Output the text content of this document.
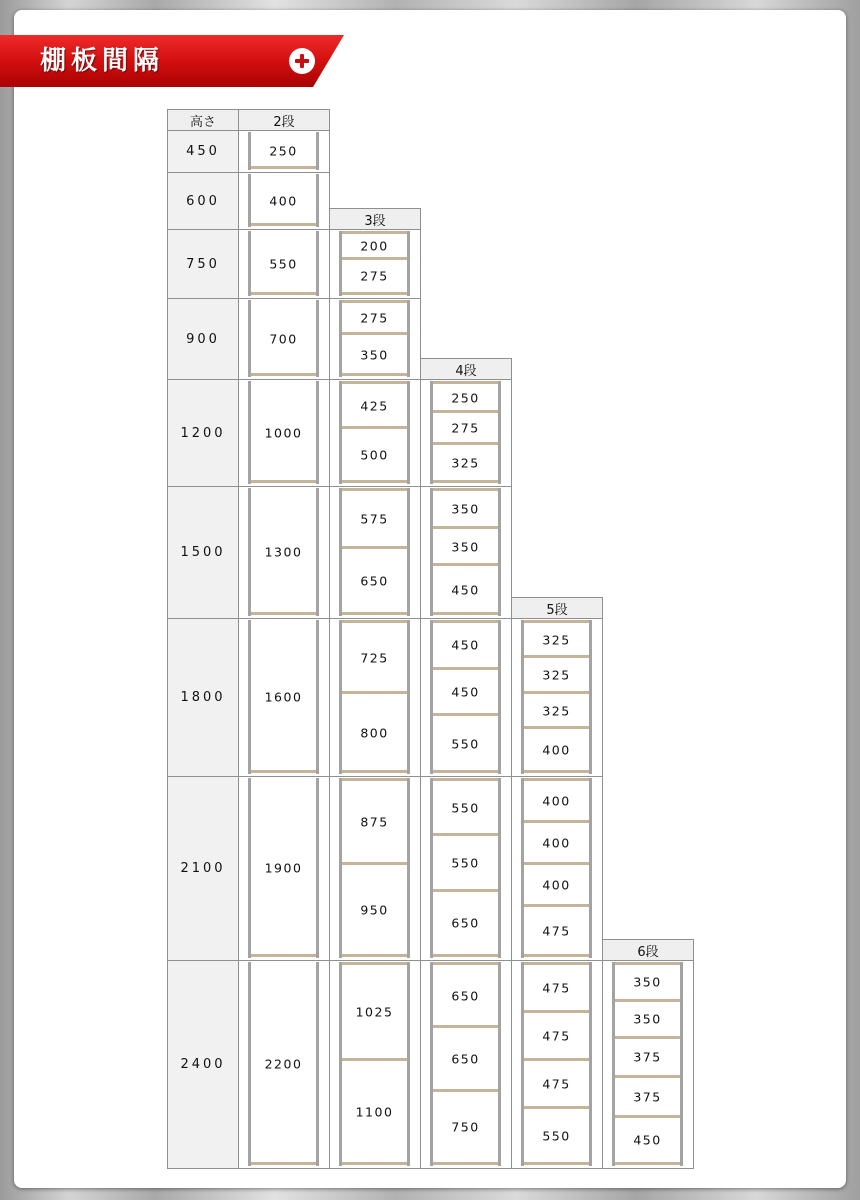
棚板間隔
高さ
450
600
750
900
1200
1500
1800
2100
2400
2段
250
400
550
700
1000
1300
1600
1900
2200
3段
200
275
275
350
425
500
575
650
725
800
875
950
1025
1100
4段
250
275
325
350
350
450
450
450
550
550
550
650
650
650
750
5段
325
325
325
400
400
400
400
475
475
475
475
550
6段
350
350
375
375
450
